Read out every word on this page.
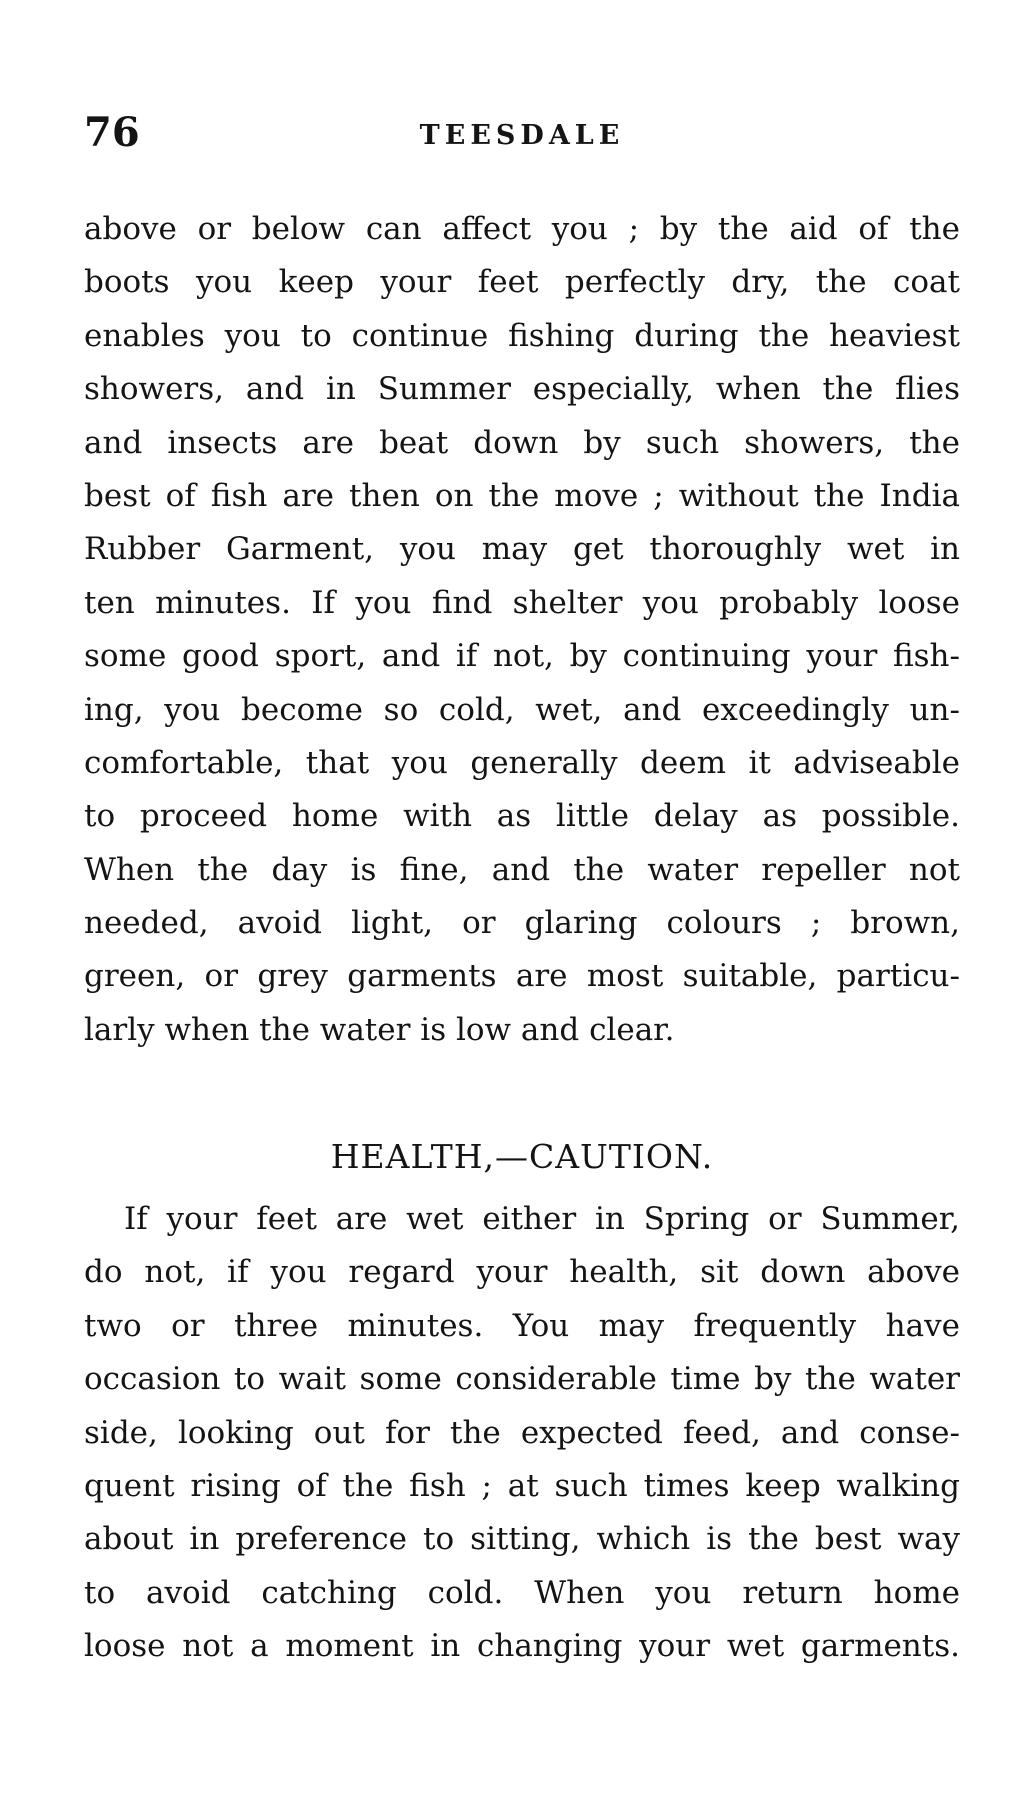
76	TEESDALE
above or below can affect you ; by the aid of the
boots you keep your feet perfectly dry, the coat
enables you to continue fishing during the heaviest
showers, and in Summer especially, when the flies
and insects are beat down by such showers, the
best of fish are then on the move ; without the India
Rubber Garment, you may get thoroughly wet in
ten minutes. If you find shelter you probably loose
some good sport, and if not, by continuing your fish-
ing, you become so cold, wet, and exceedingly un-
comfortable, that you generally deem it adviseable
to proceed home with as little delay as possible.
When the day is fine, and the water repeller not
needed, avoid light, or glaring colours ; brown,
green, or grey garments are most suitable, particu-
larly when the water is low and clear.
HEALTH,—CAUTION.
If your feet are wet either in Spring or Summer,
do not, if you regard your health, sit down above
two or three minutes. You may frequently have
occasion to wait some considerable time by the water
side, looking out for the expected feed, and conse-
quent rising of the fish ; at such times keep walking
about in preference to sitting, which is the best way
to avoid catching cold. When you return home
loose not a moment in changing your wet garments.
